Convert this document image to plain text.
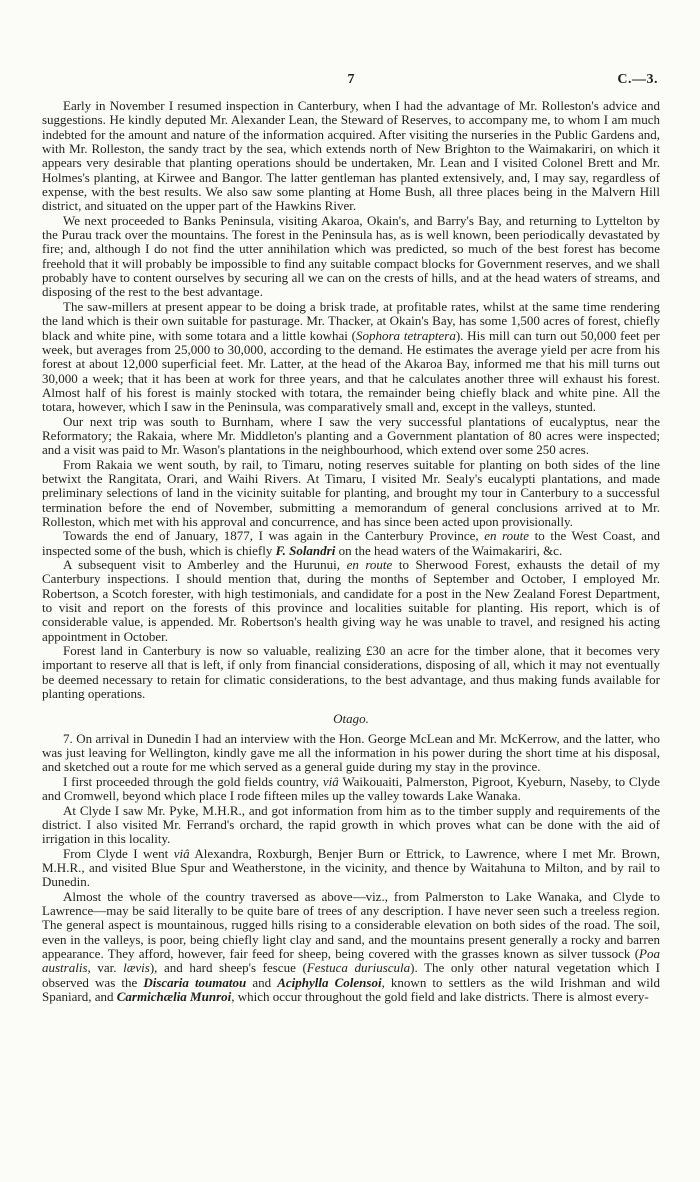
7	C.—3.

Early in November I resumed inspection in Canterbury, when I had the advantage of Mr. Rolleston's advice and suggestions. He kindly deputed Mr. Alexander Lean, the Steward of Reserves, to accompany me, to whom I am much indebted for the amount and nature of the information acquired. After visiting the nurseries in the Public Gardens and, with Mr. Rolleston, the sandy tract by the sea, which extends north of New Brighton to the Waimakariri, on which it appears very desirable that planting operations should be undertaken, Mr. Lean and I visited Colonel Brett and Mr. Holmes's planting, at Kirwee and Bangor. The latter gentleman has planted extensively, and, I may say, regardless of expense, with the best results. We also saw some planting at Home Bush, all three places being in the Malvern Hill district, and situated on the upper part of the Hawkins River.

We next proceeded to Banks Peninsula, visiting Akaroa, Okain's, and Barry's Bay, and returning to Lyttelton by the Purau track over the mountains. The forest in the Peninsula has, as is well known, been periodically devastated by fire; and, although I do not find the utter annihilation which was predicted, so much of the best forest has become freehold that it will probably be impossible to find any suitable compact blocks for Government reserves, and we shall probably have to content ourselves by securing all we can on the crests of hills, and at the head waters of streams, and disposing of the rest to the best advantage.

The saw-millers at present appear to be doing a brisk trade, at profitable rates, whilst at the same time rendering the land which is their own suitable for pasturage. Mr. Thacker, at Okain's Bay, has some 1,500 acres of forest, chiefly black and white pine, with some totara and a little kowhai (Sophora tetraptera). His mill can turn out 50,000 feet per week, but averages from 25,000 to 30,000, according to the demand. He estimates the average yield per acre from his forest at about 12,000 superficial feet. Mr. Latter, at the head of the Akaroa Bay, informed me that his mill turns out 30,000 a week; that it has been at work for three years, and that he calculates another three will exhaust his forest. Almost half of his forest is mainly stocked with totara, the remainder being chiefly black and white pine. All the totara, however, which I saw in the Peninsula, was comparatively small and, except in the valleys, stunted.

Our next trip was south to Burnham, where I saw the very successful plantations of eucalyptus, near the Reformatory; the Rakaia, where Mr. Middleton's planting and a Government plantation of 80 acres were inspected; and a visit was paid to Mr. Wason's plantations in the neighbourhood, which extend over some 250 acres.

From Rakaia we went south, by rail, to Timaru, noting reserves suitable for planting on both sides of the line betwixt the Rangitata, Orari, and Waihi Rivers. At Timaru, I visited Mr. Sealy's eucalypti plantations, and made preliminary selections of land in the vicinity suitable for planting, and brought my tour in Canterbury to a successful termination before the end of November, submitting a memorandum of general conclusions arrived at to Mr. Rolleston, which met with his approval and concurrence, and has since been acted upon provisionally.

Towards the end of January, 1877, I was again in the Canterbury Province, en route to the West Coast, and inspected some of the bush, which is chiefly F. Solandri on the head waters of the Waimakariri, &c.

A subsequent visit to Amberley and the Hurunui, en route to Sherwood Forest, exhausts the detail of my Canterbury inspections. I should mention that, during the months of September and October, I employed Mr. Robertson, a Scotch forester, with high testimonials, and candidate for a post in the New Zealand Forest Department, to visit and report on the forests of this province and localities suitable for planting. His report, which is of considerable value, is appended. Mr. Robertson's health giving way he was unable to travel, and resigned his acting appointment in October.

Forest land in Canterbury is now so valuable, realizing £30 an acre for the timber alone, that it becomes very important to reserve all that is left, if only from financial considerations, disposing of all, which it may not eventually be deemed necessary to retain for climatic considerations, to the best advantage, and thus making funds available for planting operations.

Otago.

7. On arrival in Dunedin I had an interview with the Hon. George McLean and Mr. McKerrow, and the latter, who was just leaving for Wellington, kindly gave me all the information in his power during the short time at his disposal, and sketched out a route for me which served as a general guide during my stay in the province.

I first proceeded through the gold fields country, viâ Waikouaiti, Palmerston, Pigroot, Kyeburn, Naseby, to Clyde and Cromwell, beyond which place I rode fifteen miles up the valley towards Lake Wanaka.

At Clyde I saw Mr. Pyke, M.H.R., and got information from him as to the timber supply and requirements of the district. I also visited Mr. Ferrand's orchard, the rapid growth in which proves what can be done with the aid of irrigation in this locality.

From Clyde I went viâ Alexandra, Roxburgh, Benjer Burn or Ettrick, to Lawrence, where I met Mr. Brown, M.H.R., and visited Blue Spur and Weatherstone, in the vicinity, and thence by Waitahuna to Milton, and by rail to Dunedin.

Almost the whole of the country traversed as above—viz., from Palmerston to Lake Wanaka, and Clyde to Lawrence—may be said literally to be quite bare of trees of any description. I have never seen such a treeless region. The general aspect is mountainous, rugged hills rising to a considerable elevation on both sides of the road. The soil, even in the valleys, is poor, being chiefly light clay and sand, and the mountains present generally a rocky and barren appearance. They afford, however, fair feed for sheep, being covered with the grasses known as silver tussock (Poa australis, var. lævis), and hard sheep's fescue (Festuca duriuscula). The only other natural vegetation which I observed was the Discaria toumatou and Aciphylla Colensoi, known to settlers as the wild Irishman and wild Spaniard, and Carmichælia Munroi, which occur throughout the gold field and lake districts. There is almost every-
